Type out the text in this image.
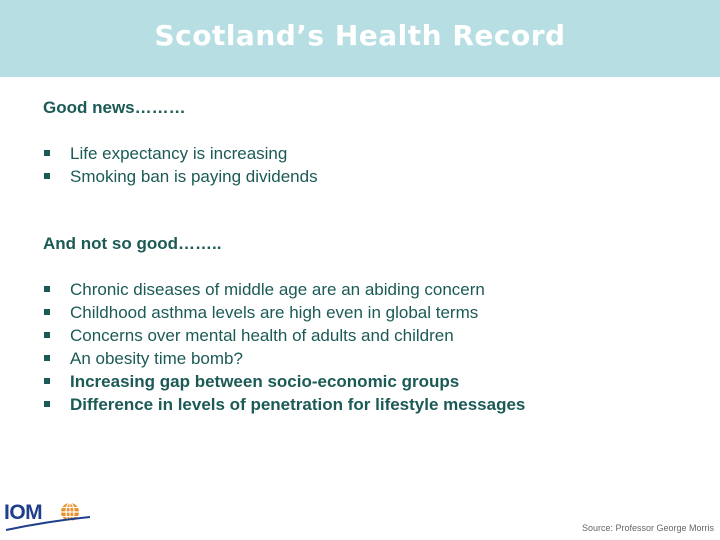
Scotland’s Health Record
Good news………
Life expectancy is increasing
Smoking ban is paying dividends
And not so good……..
Chronic diseases of middle age are an abiding concern
Childhood asthma levels are high even in global terms
Concerns over mental health of adults and children
An obesity time bomb?
Increasing gap between socio-economic groups
Difference in levels of penetration for lifestyle messages
IOM
Source: Professor George Morris
